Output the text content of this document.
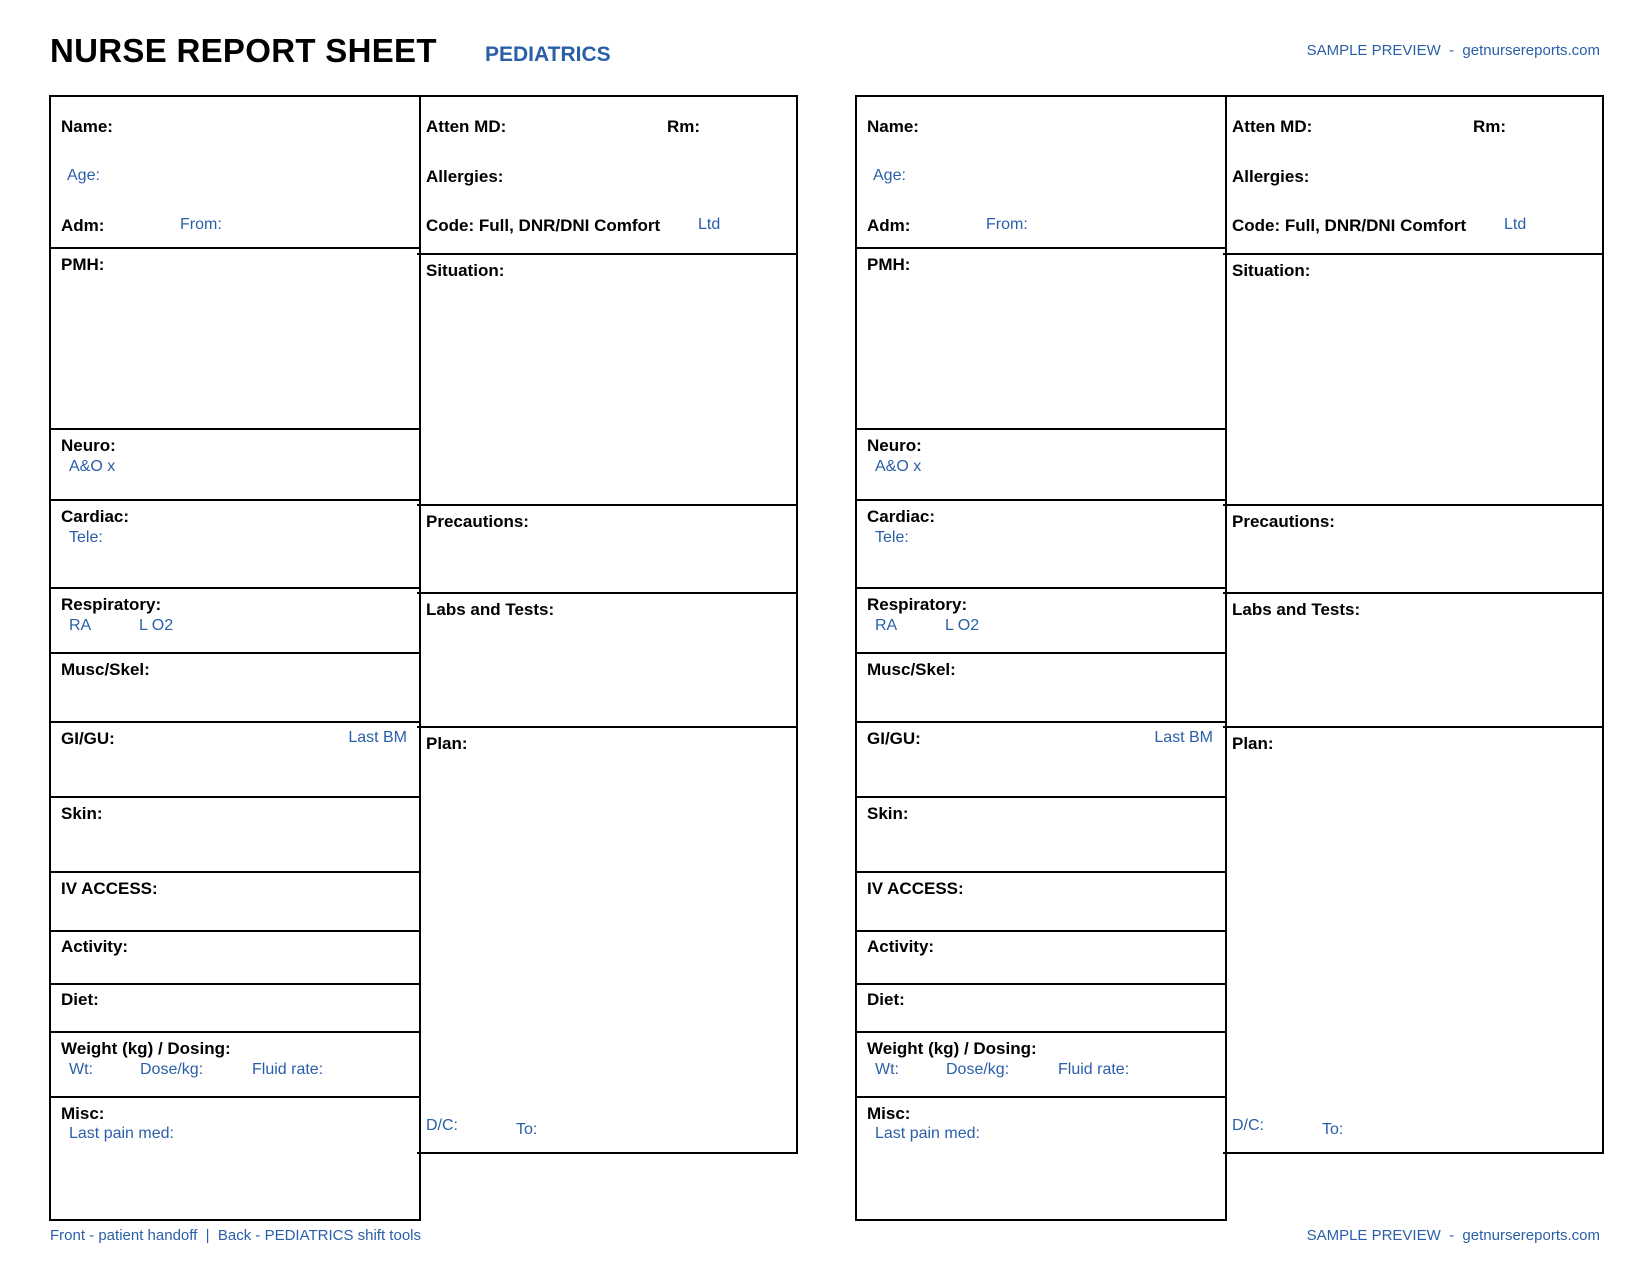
NURSE REPORT SHEET PEDIATRICS	SAMPLE PREVIEW  -  getnursereports.com
Name:
Age:
Adm:	From:
PMH:
Neuro:
A&O x
Cardiac:
Tele:
Respiratory:
RA	L O2
Musc/Skel:
GI/GU:	Last BM
Skin:
IV ACCESS:
Activity:
Diet:
Weight (kg) / Dosing:
Wt:	Dose/kg:	Fluid rate:
Misc:
Last pain med:
Atten MD:	Rm:
Allergies:
Code: Full, DNR/DNI Comfort Ltd
Situation:
Precautions:
Labs and Tests:
Plan:
D/C:	To:
Name:
Age:
Adm:	From:
PMH:
Neuro:
A&O x
Cardiac:
Tele:
Respiratory:
RA	L O2
Musc/Skel:
GI/GU:	Last BM
Skin:
IV ACCESS:
Activity:
Diet:
Weight (kg) / Dosing:
Wt:	Dose/kg:	Fluid rate:
Misc:
Last pain med:
Atten MD:	Rm:
Allergies:
Code: Full, DNR/DNI Comfort Ltd
Situation:
Precautions:
Labs and Tests:
Plan:
D/C:	To:
Front - patient handoff  |  Back - PEDIATRICS shift tools	SAMPLE PREVIEW  -  getnursereports.com
